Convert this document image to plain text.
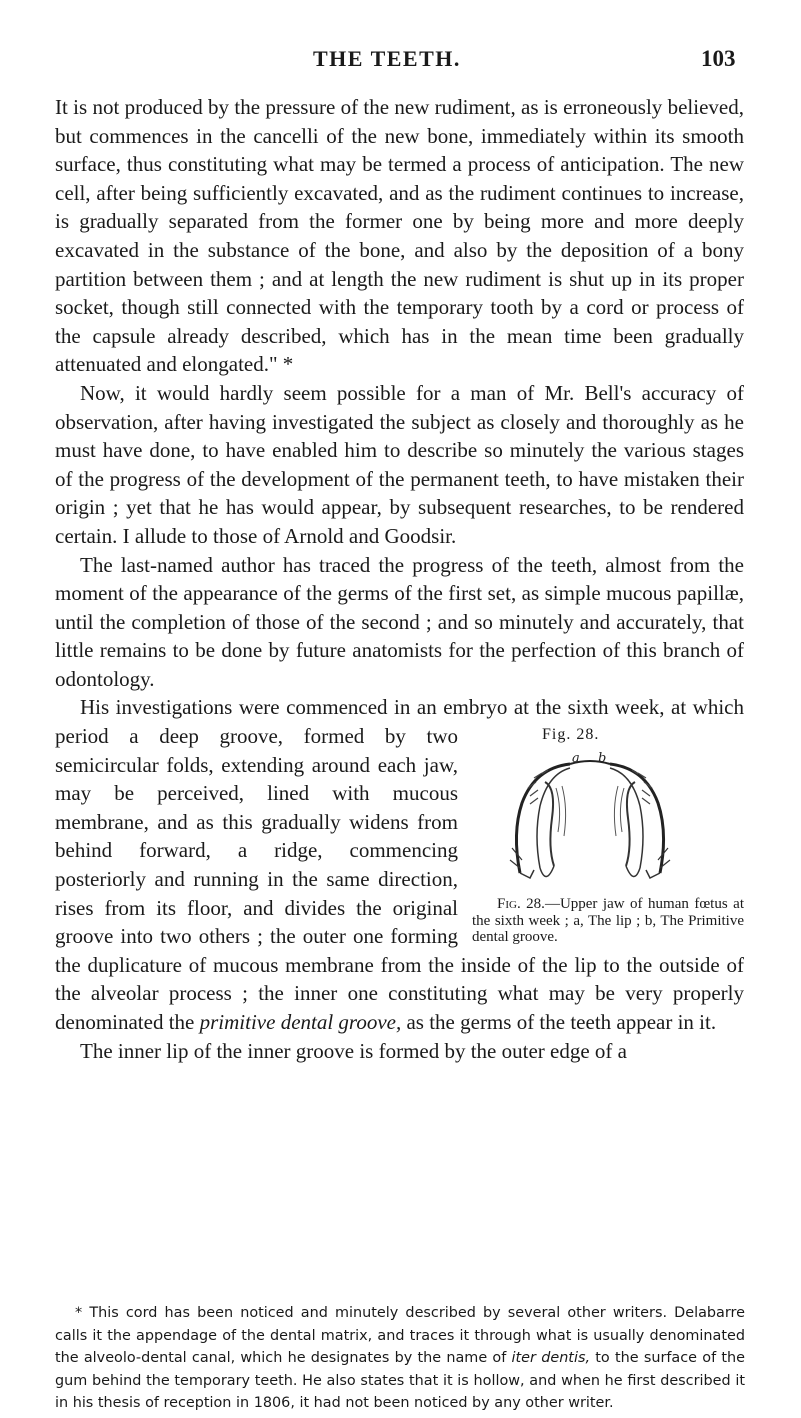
THE TEETH.	103

It is not produced by the pressure of the new rudiment, as is erroneously believed, but commences in the cancelli of the new bone, immediately within its smooth surface, thus constituting what may be termed a process of anticipation. The new cell, after being sufficiently excavated, and as the rudiment continues to increase, is gradually separated from the former one by being more and more deeply excavated in the substance of the bone, and also by the deposition of a bony partition between them ; and at length the new rudiment is shut up in its proper socket, though still connected with the temporary tooth by a cord or process of the capsule already described, which has in the mean time been gradually attenuated and elongated." *

Now, it would hardly seem possible for a man of Mr. Bell's accuracy of observation, after having investigated the subject as closely and thoroughly as he must have done, to have enabled him to describe so minutely the various stages of the progress of the development of the permanent teeth, to have mistaken their origin ; yet that he has would appear, by subsequent researches, to be rendered certain. I allude to those of Arnold and Goodsir.

The last-named author has traced the progress of the teeth, almost from the moment of the appearance of the germs of the first set, as simple mucous papillæ, until the completion of those of the second ; and so minutely and accurately, that little remains to be done by future anatomists for the perfection of this branch of odontology.

His investigations were commenced in an embryo at the sixth week,
Fig. 28.
a b
Fig. 28.—Upper jaw of human fœtus at the sixth week ; a, The lip ; b, The Primitive dental groove.
at which period a deep groove, formed by two semicircular folds, extending around each jaw, may be perceived, lined with mucous membrane, and as this gradually widens from behind forward, a ridge, commencing posteriorly and running in the same direction, rises from its floor, and divides the original groove into two others ; the outer one forming the duplicature of mucous membrane from the inside of the lip to the outside of the alveolar process ; the inner one constituting what may be very properly denominated the primitive dental groove, as the germs of the teeth appear in it.

The inner lip of the inner groove is formed by the outer edge of a

* This cord has been noticed and minutely described by several other writers. Delabarre calls it the appendage of the dental matrix, and traces it through what is usually denominated the alveolo-dental canal, which he designates by the name of iter dentis, to the surface of the gum behind the temporary teeth. He also states that it is hollow, and when he first described it in his thesis of reception in 1806, it had not been noticed by any other writer.
